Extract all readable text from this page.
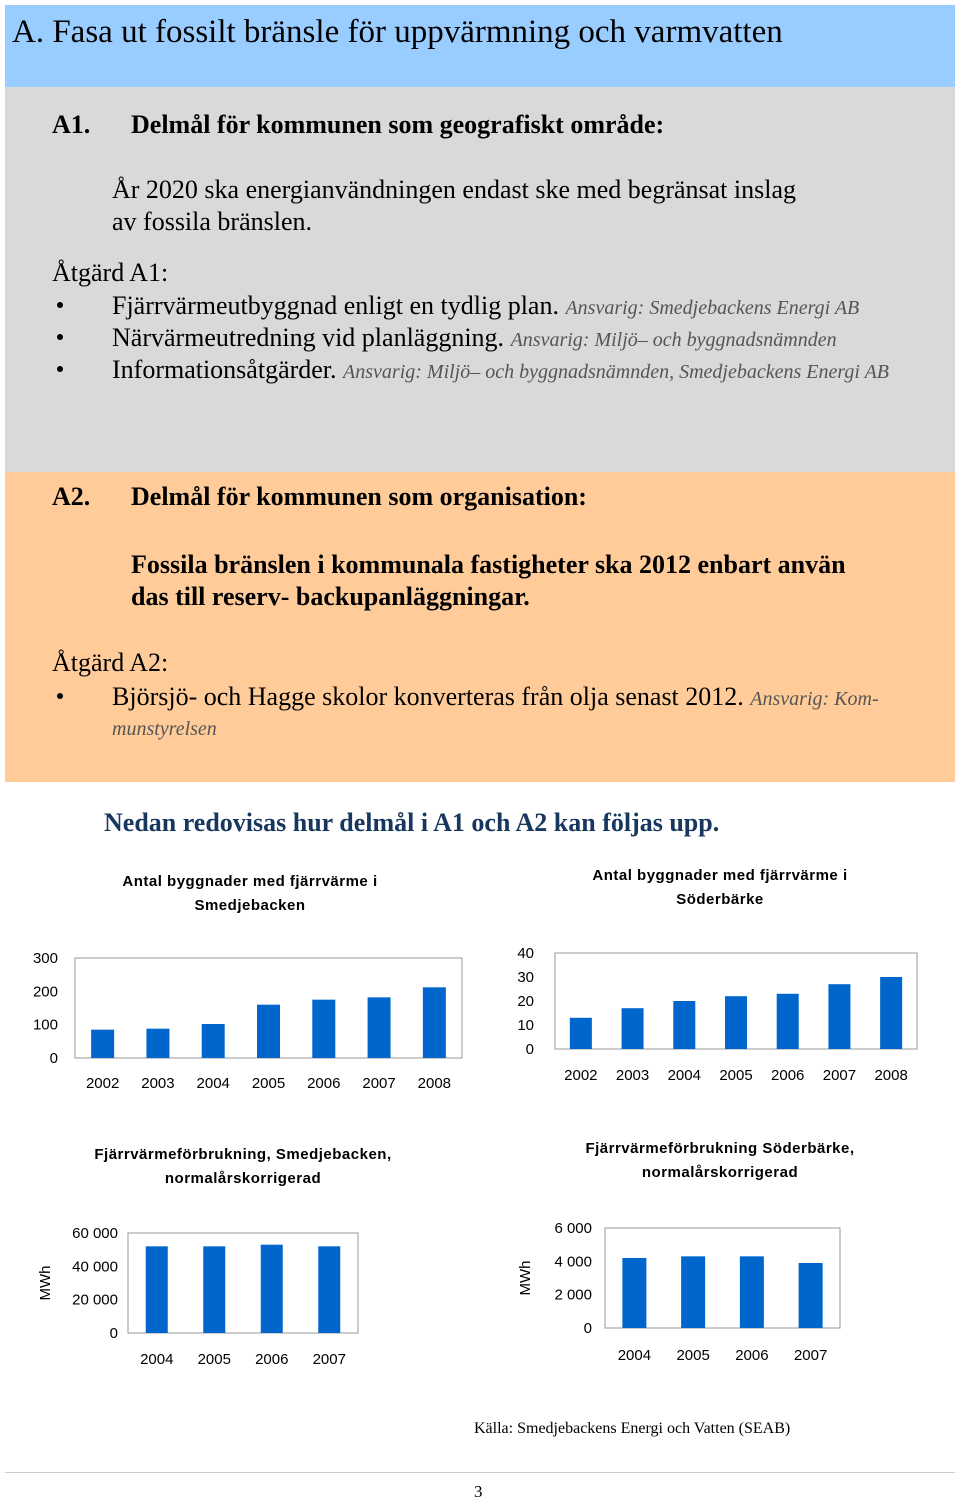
A. Fasa ut fossilt bränsle för uppvärmning och varmvatten
A1. Delmål för kommunen som geografiskt område:
År 2020 ska energianvändningen endast ske med begränsat inslag
av fossila bränslen.
Åtgärd A1:
Fjärrvärmeutbyggnad enligt en tydlig plan. Ansvarig: Smedjebackens Energi AB
Närvärmeutredning vid planläggning. Ansvarig: Miljö– och byggnadsnämnden
Informationsåtgärder. Ansvarig: Miljö– och byggnadsnämnden, Smedjebackens Energi AB
A2. Delmål för kommunen som organisation:
Fossila bränslen i kommunala fastigheter ska 2012 enbart använ
das till reserv- backupanläggningar.
Åtgärd A2:
Björsjö- och Hagge skolor konverteras från olja senast 2012. Ansvarig: Kom-
munstyrelsen
Nedan redovisas hur delmål i A1 och A2 kan följas upp.
Antal byggnader med fjärrvärme i
Smedjebacken
Antal byggnader med fjärrvärme i
Söderbärke
Fjärrvärmeförbrukning, Smedjebacken,
normalårskorrigerad
Fjärrvärmeförbrukning Söderbärke,
normalårskorrigerad
0
100
200
300
2002 2003 2004 2005 2006 2007 2008
0
10
20
30
40
2002 2003 2004 2005 2006 2007 2008
0
20 000
40 000
60 000
2004 2005 2006 2007
MWh
0
2 000
4 000
6 000
2004 2005 2006 2007
MWh
Källa: Smedjebackens Energi och Vatten (SEAB)
3
